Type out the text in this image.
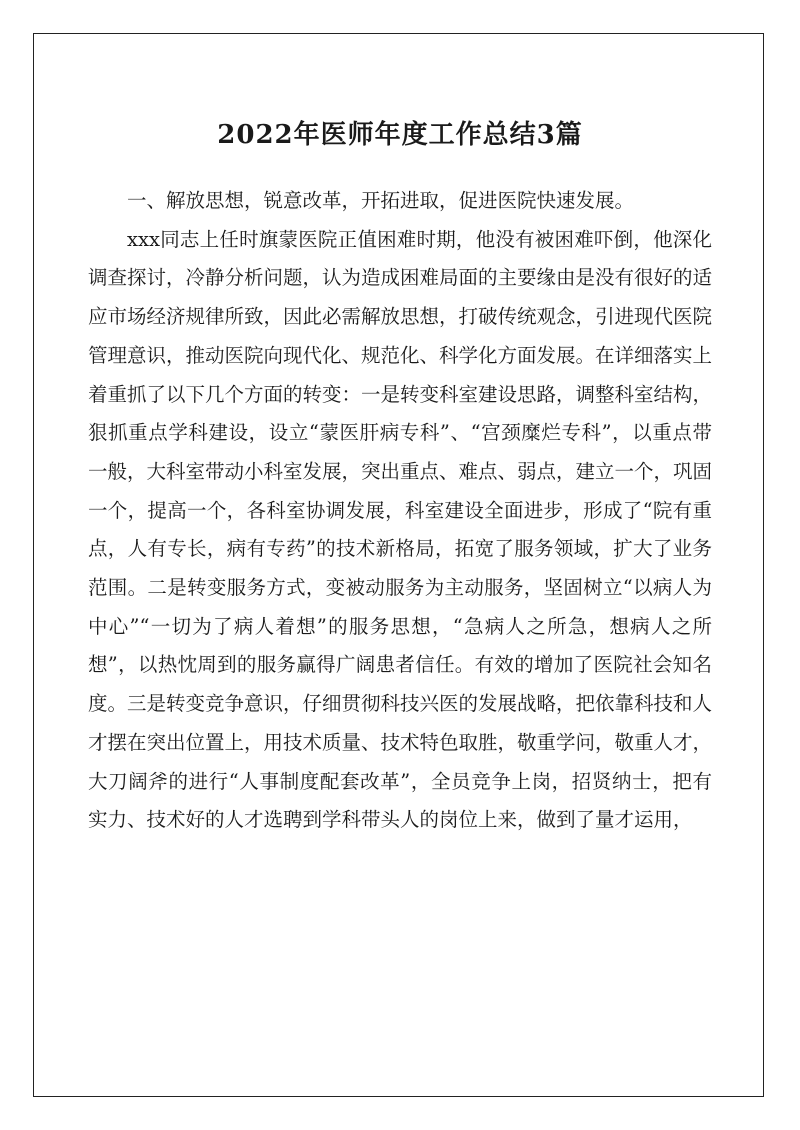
2022年医师年度工作总结3篇

一、解放思想，锐意改革，开拓进取，促进医院快速发展。

xxx同志上任时旗蒙医院正值困难时期，他没有被困难吓倒，他深化调查探讨，冷静分析问题，认为造成困难局面的主要缘由是没有很好的适应市场经济规律所致，因此必需解放思想，打破传统观念，引进现代医院管理意识，推动医院向现代化、规范化、科学化方面发展。在详细落实上着重抓了以下几个方面的转变：一是转变科室建设思路，调整科室结构，狠抓重点学科建设，设立“蒙医肝病专科”、“宫颈糜烂专科”，以重点带一般，大科室带动小科室发展，突出重点、难点、弱点，建立一个，巩固一个，提高一个，各科室协调发展，科室建设全面进步，形成了“院有重点，人有专长，病有专药”的技术新格局，拓宽了服务领域，扩大了业务范围。二是转变服务方式，变被动服务为主动服务，坚固树立“以病人为中心”“一切为了病人着想”的服务思想，“急病人之所急，想病人之所想”，以热忱周到的服务赢得广阔患者信任。有效的增加了医院社会知名度。三是转变竞争意识，仔细贯彻科技兴医的发展战略，把依靠科技和人才摆在突出位置上，用技术质量、技术特色取胜，敬重学问，敬重人才，大刀阔斧的进行“人事制度配套改革”，全员竞争上岗，招贤纳士，把有实力、技术好的人才选聘到学科带头人的岗位上来，做到了量才运用，
